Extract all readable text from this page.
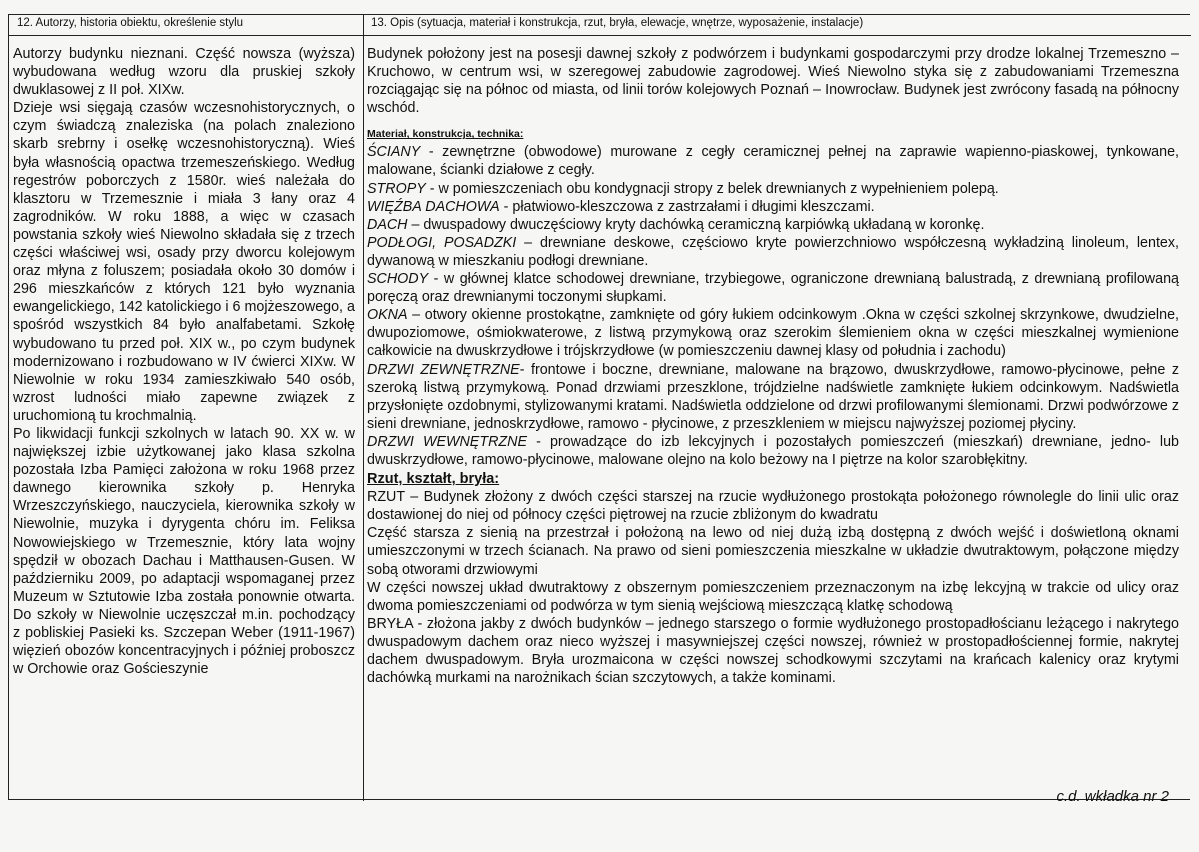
12. Autorzy, historia obiektu, określenie stylu	13. Opis (sytuacja, materiał i konstrukcja, rzut, bryła, elewacje, wnętrze, wyposażenie, instalacje)

Autorzy budynku nieznani. Część nowsza (wyższa) wybudowana według wzoru dla pruskiej szkoły dwuklasowej z II poł. XIXw.

Dzieje wsi sięgają czasów wczesnohistorycznych, o czym świadczą znaleziska (na polach znaleziono skarb srebrny i osełkę wczesnohistoryczną). Wieś była własnością opactwa trzemeszeńskiego. Według regestrów poborczych z 1580r. wieś należała do klasztoru w Trzemesznie i miała 3 łany oraz 4 zagrodników. W roku 1888, a więc w czasach powstania szkoły wieś Niewolno składała się z trzech części właściwej wsi, osady przy dworcu kolejowym oraz młyna z foluszem; posiadała około 30 domów i 296 mieszkańców z których 121 było wyznania ewangelickiego, 142 katolickiego i 6 mojżeszowego, a spośród wszystkich 84 było analfabetami. Szkołę wybudowano tu przed poł. XIX w., po czym budynek modernizowano i rozbudowano w IV ćwierci XIXw. W Niewolnie w roku 1934 zamieszkiwało 540 osób, wzrost ludności miało zapewne związek z uruchomioną tu krochmalnią.

Po likwidacji funkcji szkolnych w latach 90. XX w. w największej izbie użytkowanej jako klasa szkolna pozostała Izba Pamięci założona w roku 1968 przez dawnego kierownika szkoły p. Henryka Wrzeszczyńskiego, nauczyciela, kierownika szkoły w Niewolnie, muzyka i dyrygenta chóru im. Feliksa Nowowiejskiego w Trzemesznie, który lata wojny spędził w obozach Dachau i Matthausen-Gusen. W październiku 2009, po adaptacji wspomaganej przez Muzeum w Sztutowie Izba została ponownie otwarta. Do szkoły w Niewolnie uczęszczał m.in. pochodzący z pobliskiej Pasieki ks. Szczepan Weber (1911-1967) więzień obozów koncentracyjnych i później proboszcz w Orchowie oraz Gościeszynie

Budynek położony jest na posesji dawnej szkoły z podwórzem i budynkami gospodarczymi przy drodze lokalnej Trzemeszno – Kruchowo, w centrum wsi, w szeregowej zabudowie zagrodowej. Wieś Niewolno styka się z zabudowaniami Trzemeszna rozciągając się na północ od miasta, od linii torów kolejowych Poznań – Inowrocław. Budynek jest zwrócony fasadą na północny wschód.

Materiał, konstrukcja, technika:

ŚCIANY - zewnętrzne (obwodowe) murowane z cegły ceramicznej pełnej na zaprawie wapienno-piaskowej, tynkowane, malowane, ścianki działowe z cegły.

STROPY - w pomieszczeniach obu kondygnacji stropy z belek drewnianych z wypełnieniem polepą.

WIĘŹBA DACHOWA - płatwiowo-kleszczowa z zastrzałami i długimi kleszczami.

DACH – dwuspadowy dwuczęściowy kryty dachówką ceramiczną karpiówką układaną w koronkę.

PODŁOGI, POSADZKI – drewniane deskowe, częściowo kryte powierzchniowo współczesną wykładziną linoleum, lentex, dywanową w mieszkaniu podłogi drewniane.

SCHODY - w głównej klatce schodowej drewniane, trzybiegowe, ograniczone drewnianą balustradą, z drewnianą profilowaną poręczą oraz drewnianymi toczonymi słupkami.

OKNA – otwory okienne prostokątne, zamknięte od góry łukiem odcinkowym .Okna w części szkolnej skrzynkowe, dwudzielne, dwupoziomowe, ośmiokwaterowe, z listwą przymykową oraz szerokim ślemieniem okna w części mieszkalnej wymienione całkowicie na dwuskrzydłowe i trójskrzydłowe (w pomieszczeniu dawnej klasy od południa i zachodu)

DRZWI ZEWNĘTRZNE- frontowe i boczne, drewniane, malowane na brązowo, dwuskrzydłowe, ramowo-płycinowe, pełne z szeroką listwą przymykową. Ponad drzwiami przeszklone, trójdzielne nadświetle zamknięte łukiem odcinkowym. Nadświetla przysłonięte ozdobnymi, stylizowanymi kratami. Nadświetla oddzielone od drzwi profilowanymi ślemionami. Drzwi podwórzowe z sieni drewniane, jednoskrzydłowe, ramowo - płycinowe, z przeszkleniem w miejscu najwyższej poziomej płyciny.

DRZWI WEWNĘTRZNE - prowadzące do izb lekcyjnych i pozostałych pomieszczeń (mieszkań) drewniane, jedno- lub dwuskrzydłowe, ramowo-płycinowe, malowane olejno na kolo beżowy na I piętrze na kolor szarobłękitny.

Rzut, kształt, bryła:

RZUT – Budynek złożony z dwóch części starszej na rzucie wydłużonego prostokąta położonego równolegle do linii ulic oraz dostawionej do niej od północy części piętrowej na rzucie zbliżonym do kwadratu

Część starsza z sienią na przestrzał i położoną na lewo od niej dużą izbą dostępną z dwóch wejść i doświetloną oknami umieszczonymi w trzech ścianach. Na prawo od sieni pomieszczenia mieszkalne w układzie dwutraktowym, połączone między sobą otworami drzwiowymi

W części nowszej układ dwutraktowy z obszernym pomieszczeniem przeznaczonym na izbę lekcyjną w trakcie od ulicy oraz dwoma pomieszczeniami od podwórza w tym sienią wejściową mieszczącą klatkę schodową

BRYŁA - złożona jakby z dwóch budynków – jednego starszego o formie wydłużonego prostopadłościanu leżącego i nakrytego dwuspadowym dachem oraz nieco wyższej i masywniejszej części nowszej, również w prostopadłościennej formie, nakrytej dachem dwuspadowym. Bryła urozmaicona w części nowszej schodkowymi szczytami na krańcach kalenicy oraz krytymi dachówką murkami na narożnikach ścian szczytowych, a także kominami.

c.d. wkładka nr 2
